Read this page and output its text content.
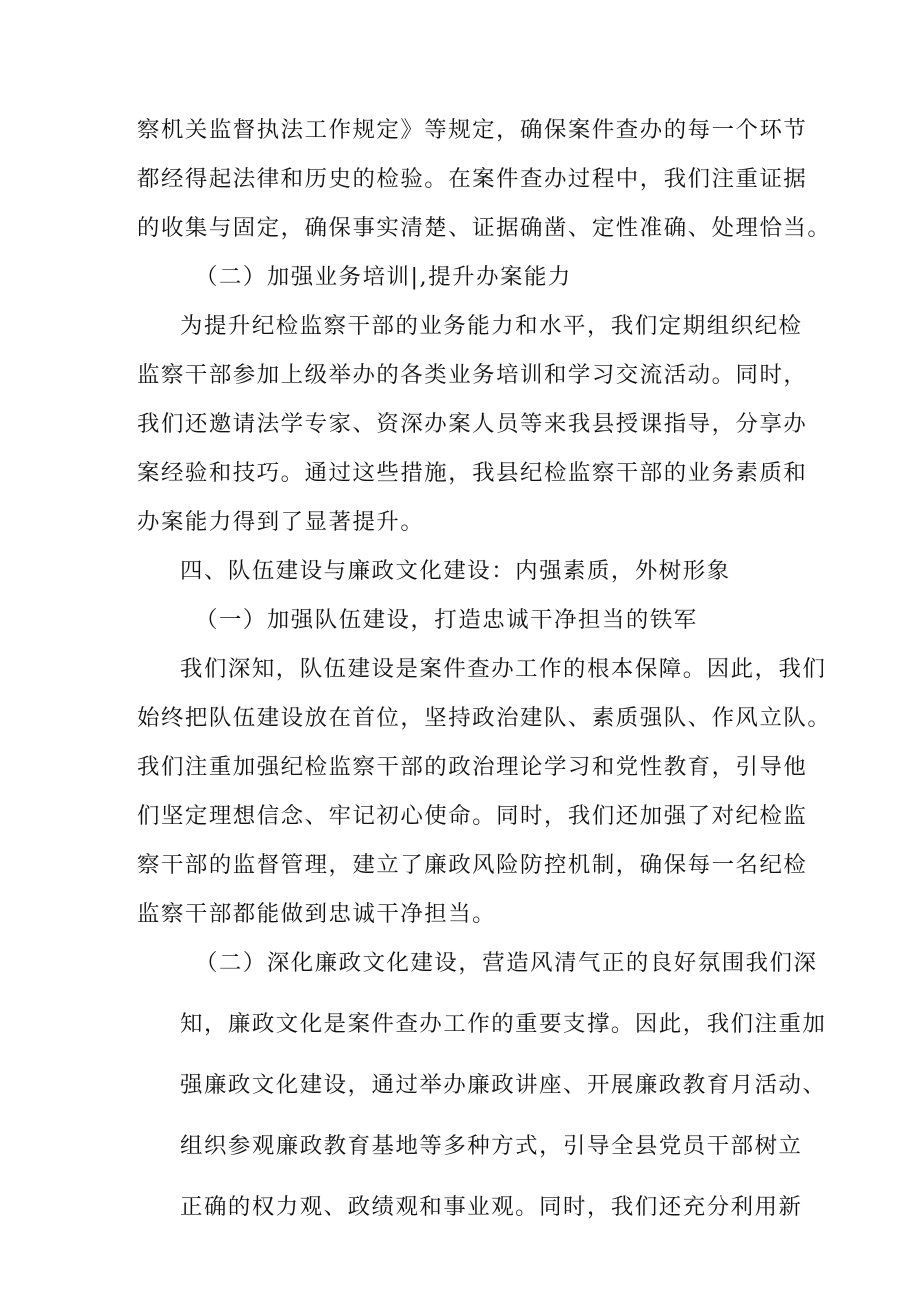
察机关监督执法工作规定》等规定，确保案件查办的每一个环节
都经得起法律和历史的检验。在案件查办过程中，我们注重证据
的收集与固定，确保事实清楚、证据确凿、定性准确、处理恰当。
（二）加强业务培训|,提升办案能力
为提升纪检监察干部的业务能力和水平，我们定期组织纪检
监察干部参加上级举办的各类业务培训和学习交流活动。同时，
我们还邀请法学专家、资深办案人员等来我县授课指导，分享办
案经验和技巧。通过这些措施，我县纪检监察干部的业务素质和
办案能力得到了显著提升。
四、队伍建设与廉政文化建设：内强素质，外树形象
（一）加强队伍建设，打造忠诚干净担当的铁军
我们深知，队伍建设是案件查办工作的根本保障。因此，我们
始终把队伍建设放在首位，坚持政治建队、素质强队、作风立队。
我们注重加强纪检监察干部的政治理论学习和党性教育，引导他
们坚定理想信念、牢记初心使命。同时，我们还加强了对纪检监
察干部的监督管理，建立了廉政风险防控机制，确保每一名纪检
监察干部都能做到忠诚干净担当。
（二）深化廉政文化建设，营造风清气正的良好氛围我们深
知，廉政文化是案件查办工作的重要支撑。因此，我们注重加
强廉政文化建设，通过举办廉政讲座、开展廉政教育月活动、
组织参观廉政教育基地等多种方式，引导全县党员干部树立
正确的权力观、政绩观和事业观。同时，我们还充分利用新
